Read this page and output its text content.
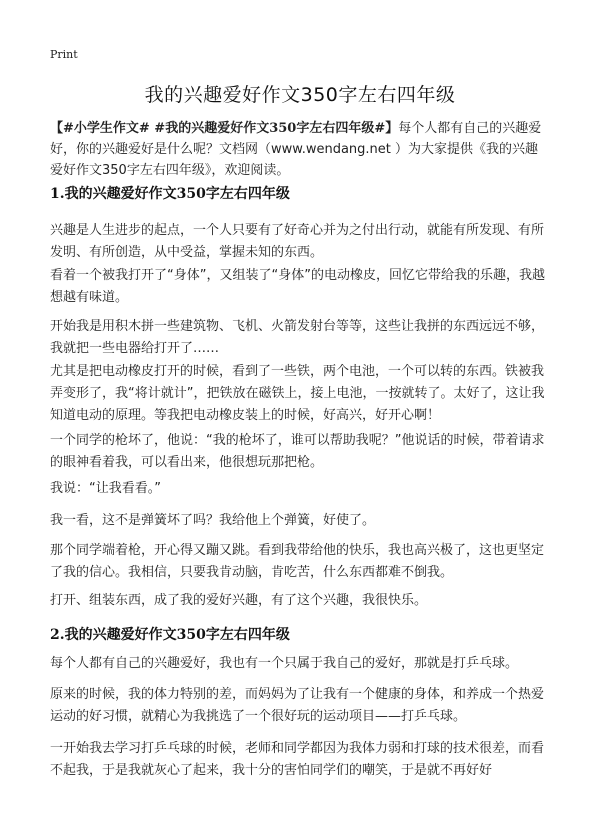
Print
我的兴趣爱好作文350字左右四年级
【#小学生作文# #我的兴趣爱好作文350字左右四年级#】每个人都有自己的兴趣爱好，你的兴趣爱好是什么呢？文档网（www.wendang.net ）为大家提供《我的兴趣爱好作文350字左右四年级》，欢迎阅读。
1.我的兴趣爱好作文350字左右四年级

兴趣是人生进步的起点，一个人只要有了好奇心并为之付出行动，就能有所发现、有所发明、有所创造，从中受益，掌握未知的东西。

看着一个被我打开了“身体”，又组装了“身体”的电动橡皮，回忆它带给我的乐趣，我越想越有味道。

开始我是用积木拼一些建筑物、飞机、火箭发射台等等，这些让我拼的东西远远不够，我就把一些电器给打开了……

尤其是把电动橡皮打开的时候，看到了一些铁，两个电池，一个可以转的东西。铁被我弄变形了，我“将计就计”，把铁放在磁铁上，接上电池，一按就转了。太好了，这让我知道电动的原理。等我把电动橡皮装上的时候，好高兴，好开心啊！

一个同学的枪坏了，他说：“我的枪坏了，谁可以帮助我呢？”他说话的时候，带着请求的眼神看着我，可以看出来，他很想玩那把枪。

我说：“让我看看。”

我一看，这不是弹簧坏了吗？我给他上个弹簧，好使了。

那个同学端着枪，开心得又蹦又跳。看到我带给他的快乐，我也高兴极了，这也更坚定了我的信心。我相信，只要我肯动脑，肯吃苦，什么东西都难不倒我。

打开、组装东西，成了我的爱好兴趣，有了这个兴趣，我很快乐。

2.我的兴趣爱好作文350字左右四年级

每个人都有自己的兴趣爱好，我也有一个只属于我自己的爱好，那就是打乒乓球。

原来的时候，我的体力特别的差，而妈妈为了让我有一个健康的身体，和养成一个热爱运动的好习惯，就精心为我挑选了一个很好玩的运动项目——打乒乓球。

一开始我去学习打乒乓球的时候，老师和同学都因为我体力弱和打球的技术很差，而看不起我，于是我就灰心了起来，我十分的害怕同学们的嘲笑，于是就不再好好
